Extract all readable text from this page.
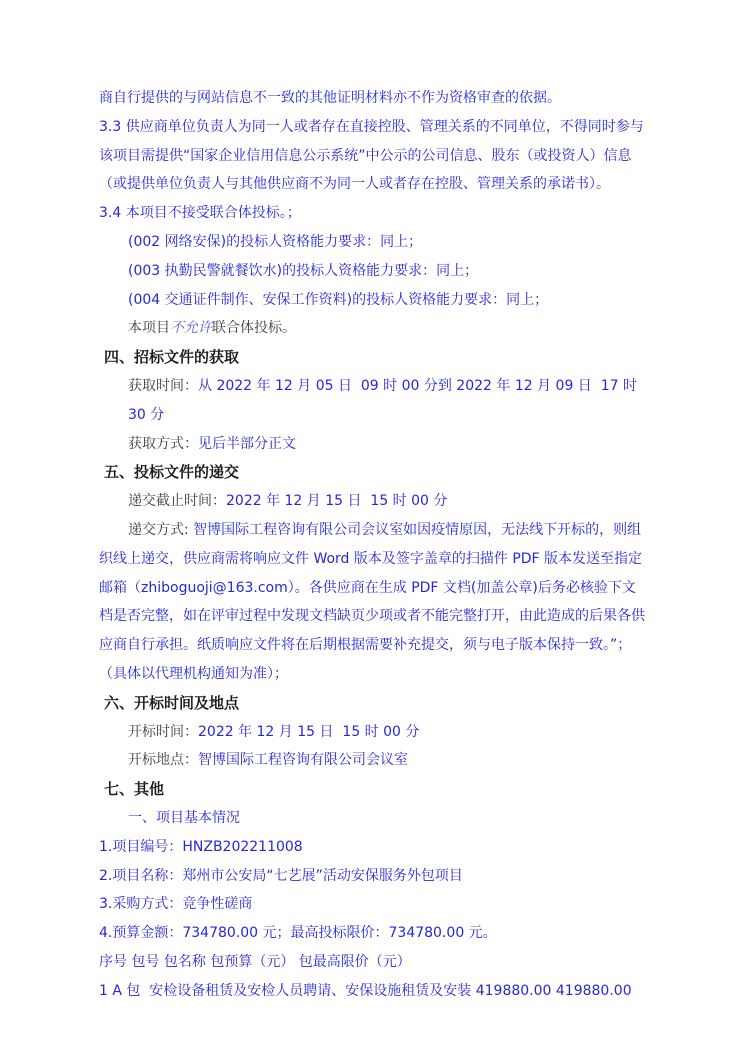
商自行提供的与网站信息不一致的其他证明材料亦不作为资格审查的依据。

3.3 供应商单位负责人为同一人或者存在直接控股、管理关系的不同单位，不得同时参与该项目需提供“国家企业信用信息公示系统”中公示的公司信息、股东（或投资人）信息（或提供单位负责人与其他供应商不为同一人或者存在控股、管理关系的承诺书）。

3.4 本项目不接受联合体投标。；

(002 网络安保)的投标人资格能力要求：同上；

(003 执勤民警就餐饮水)的投标人资格能力要求：同上；

(004 交通证件制作、安保工作资料)的投标人资格能力要求：同上；

本项目不允许联合体投标。

四、招标文件的获取

获取时间：从 2022 年 12 月 05 日  09 时 00 分到 2022 年 12 月 09 日  17 时 30 分

获取方式：见后半部分正文

五、投标文件的递交

递交截止时间：2022 年 12 月 15 日  15 时 00 分

递交方式: 智博国际工程咨询有限公司会议室如因疫情原因，无法线下开标的，则组织线上递交，供应商需将响应文件 Word 版本及签字盖章的扫描件 PDF 版本发送至指定邮箱（zhiboguoji@163.com）。各供应商在生成 PDF 文档(加盖公章)后务必核验下文档是否完整，如在评审过程中发现文档缺页少项或者不能完整打开，由此造成的后果各供应商自行承担。纸质响应文件将在后期根据需要补充提交，须与电子版本保持一致。”；（具体以代理机构通知为准）；

六、开标时间及地点

开标时间：2022 年 12 月 15 日  15 时 00 分

开标地点：智博国际工程咨询有限公司会议室

七、其他

一、项目基本情况

1.项目编号：HNZB202211008

2.项目名称：郑州市公安局“七艺展”活动安保服务外包项目

3.采购方式：竞争性磋商

4.预算金额：734780.00 元；最高投标限价：734780.00 元。

序号 包号 包名称 包预算（元） 包最高限价（元）

1 A 包  安检设备租赁及安检人员聘请、安保设施租赁及安装 419880.00 419880.00
